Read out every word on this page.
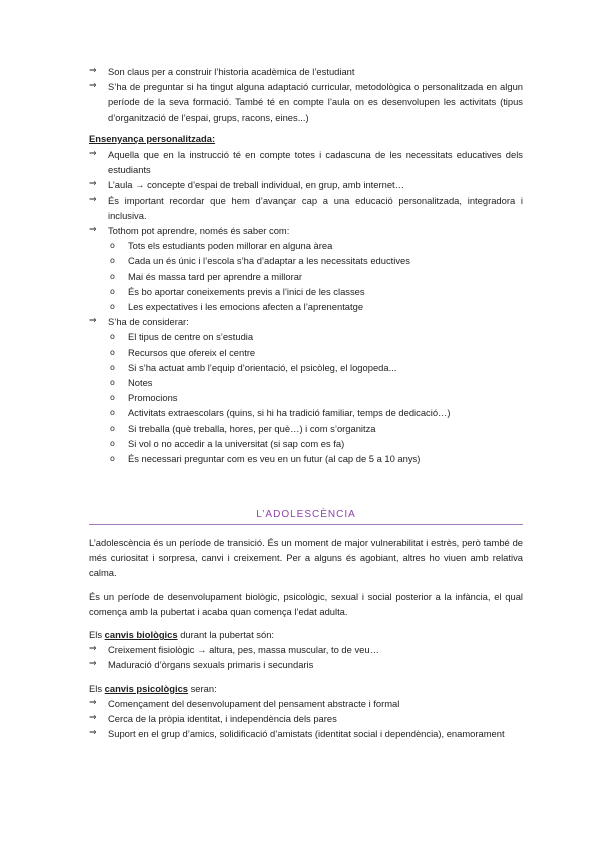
⇒	Son claus per a construir l’historia acadèmica de l’estudiant
⇒	S’ha de preguntar si ha tingut alguna adaptació curricular, metodològica o personalitzada en algun període de la seva formació. També té en compte l’aula on es desenvolupen les activitats (tipus d’organització de l’espai, grups, racons, eines...)
Ensenyança personalitzada:
⇒	Aquella que en la instrucció té en compte totes i cadascuna de les necessitats educatives dels estudiants
⇒	L’aula → concepte d’espai de treball individual, en grup, amb internet…
⇒	És important recordar que hem d’avançar cap a una educació personalitzada, integradora i inclusiva.
⇒	Tothom pot aprendre, només és saber com:
o	Tots els estudiants poden millorar en alguna àrea
o	Cada un és únic i l’escola s’ha d’adaptar a les necessitats eductives
o	Mai és massa tard per aprendre a millorar
o	És bo aportar coneixements previs a l’inici de les classes
o	Les expectatives i les emocions afecten a l’aprenentatge
⇒	S’ha de considerar:
o	El tipus de centre on s’estudia
o	Recursos que ofereix el centre
o	Si s’ha actuat amb l’equip d’orientació, el psicòleg, el logopeda...
o	Notes
o	Promocions
o	Activitats extraescolars (quins, si hi ha tradició familiar, temps de dedicació…)
o	Si treballa (què treballa, hores, per què…) i com s’organitza
o	Si vol o no accedir a la universitat (si sap com es fa)
o	És necessari preguntar com es veu en un futur (al cap de 5 a 10 anys)
L’ADOLESCÈNCIA

L’adolescència és un període de transició. És un moment de major vulnerabilitat i estrès, però també de més curiositat i sorpresa, canvi i creixement. Per a alguns és agobiant, altres ho viuen amb relativa calma.

És un període de desenvolupament biològic, psicològic, sexual i social posterior a la infància, el qual comença amb la pubertat i acaba quan comença l’edat adulta.

Els canvis biològics durant la pubertat són:
⇒	Creixement fisiològic → altura, pes, massa muscular, to de veu…
⇒	Maduració d’òrgans sexuals primaris i secundaris
Els canvis psicològics seran:
⇒	Començament del desenvolupament del pensament abstracte i formal
⇒	Cerca de la pròpia identitat, i independència dels pares
⇒	Suport en el grup d’amics, solidificació d’amistats (identitat social i dependència), enamorament
